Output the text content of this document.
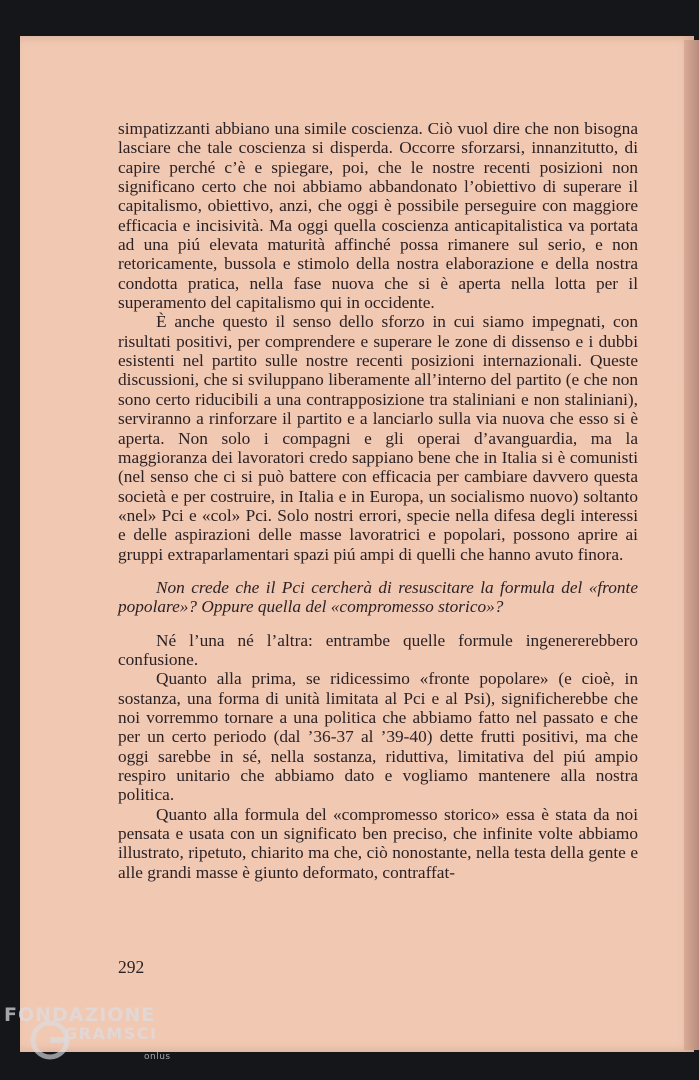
simpatizzanti abbiano una simile coscienza. Ciò vuol dire che non bisogna lasciare che tale coscienza si disperda. Occorre sforzarsi, innanzitutto, di capire perché c’è e spiegare, poi, che le nostre recenti posizioni non significano certo che noi abbiamo abbandonato l’obiettivo di superare il capitalismo, obiettivo, anzi, che oggi è possibile perseguire con maggiore efficacia e incisività. Ma oggi quella coscienza anticapitalistica va portata ad una piú elevata maturità affinché possa rimanere sul serio, e non retoricamente, bussola e stimolo della nostra elaborazione e della nostra condotta pratica, nella fase nuova che si è aperta nella lotta per il superamento del capitalismo qui in occidente.

È anche questo il senso dello sforzo in cui siamo impegnati, con risultati positivi, per comprendere e superare le zone di dissenso e i dubbi esistenti nel partito sulle nostre recenti posizioni internazionali. Queste discussioni, che si sviluppano liberamente all’interno del partito (e che non sono certo riducibili a una contrapposizione tra staliniani e non staliniani), serviranno a rinforzare il partito e a lanciarlo sulla via nuova che esso si è aperta. Non solo i compagni e gli operai d’avanguardia, ma la maggioranza dei lavoratori credo sappiano bene che in Italia si è comunisti (nel senso che ci si può battere con efficacia per cambiare davvero questa società e per costruire, in Italia e in Europa, un socialismo nuovo) soltanto «nel» Pci e «col» Pci. Solo nostri errori, specie nella difesa degli interessi e delle aspirazioni delle masse lavoratrici e popolari, possono aprire ai gruppi extraparlamentari spazi piú ampi di quelli che hanno avuto finora.

Non crede che il Pci cercherà di resuscitare la formula del «fronte popolare»? Oppure quella del «compromesso storico»?

Né l’una né l’altra: entrambe quelle formule ingenererebbero confusione.

Quanto alla prima, se ridicessimo «fronte popolare» (e cioè, in sostanza, una forma di unità limitata al Pci e al Psi), significherebbe che noi vorremmo tornare a una politica che abbiamo fatto nel passato e che per un certo periodo (dal ’36-37 al ’39-40) dette frutti positivi, ma che oggi sarebbe in sé, nella sostanza, riduttiva, limitativa del piú ampio respiro unitario che abbiamo dato e vogliamo mantenere alla nostra politica.

Quanto alla formula del «compromesso storico» essa è stata da noi pensata e usata con un significato ben preciso, che infinite volte abbiamo illustrato, ripetuto, chiarito ma che, ciò nonostante, nella testa della gente e alle grandi masse è giunto deformato, contraffat-

292
FONDAZIONE
GRAMSCI
onlus
